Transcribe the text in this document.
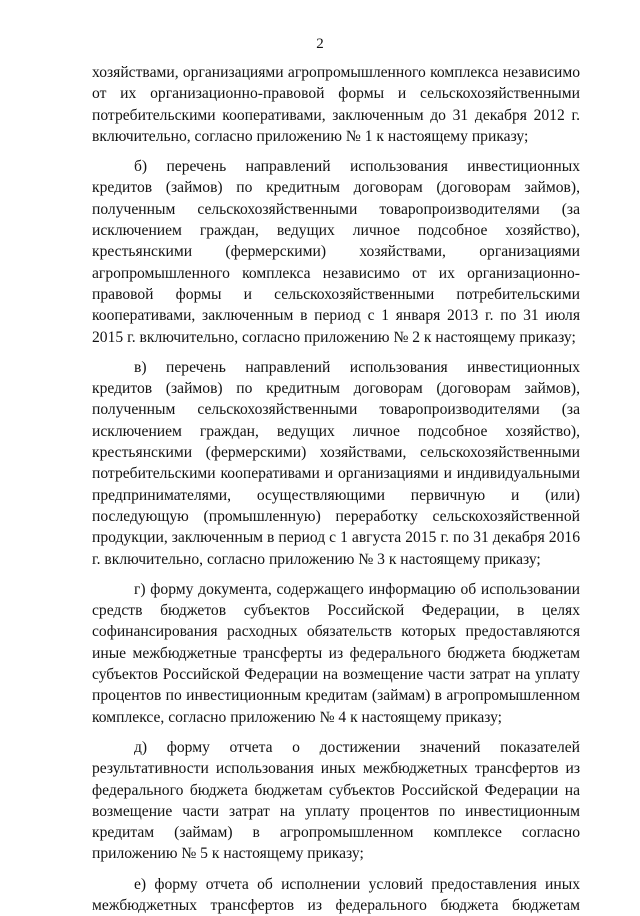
2

хозяйствами, организациями агропромышленного комплекса независимо от их организационно-правовой формы и сельскохозяйственными потребительскими кооперативами, заключенным до 31 декабря 2012 г. включительно, согласно приложению № 1 к настоящему приказу;

б) перечень направлений использования инвестиционных кредитов (займов) по кредитным договорам (договорам займов), полученным сельскохозяйственными товаропроизводителями (за исключением граждан, ведущих личное подсобное хозяйство), крестьянскими (фермерскими) хозяйствами, организациями агропромышленного комплекса независимо от их организационно-правовой формы и сельскохозяйственными потребительскими кооперативами, заключенным в период с 1 января 2013 г. по 31 июля 2015 г. включительно, согласно приложению № 2 к настоящему приказу;

в) перечень направлений использования инвестиционных кредитов (займов) по кредитным договорам (договорам займов), полученным сельскохозяйственными товаропроизводителями (за исключением граждан, ведущих личное подсобное хозяйство), крестьянскими (фермерскими) хозяйствами, сельскохозяйственными потребительскими кооперативами и организациями и индивидуальными предпринимателями, осуществляющими первичную и (или) последующую (промышленную) переработку сельскохозяйственной продукции, заключенным в период с 1 августа 2015 г. по 31 декабря 2016 г. включительно, согласно приложению № 3 к настоящему приказу;

г) форму документа, содержащего информацию об использовании средств бюджетов субъектов Российской Федерации, в целях софинансирования расходных обязательств которых предоставляются иные межбюджетные трансферты из федерального бюджета бюджетам субъектов Российской Федерации на возмещение части затрат на уплату процентов по инвестиционным кредитам (займам) в агропромышленном комплексе, согласно приложению № 4 к настоящему приказу;

д) форму отчета о достижении значений показателей результативности использования иных межбюджетных трансфертов из федерального бюджета бюджетам субъектов Российской Федерации на возмещение части затрат на уплату процентов по инвестиционным кредитам (займам) в агропромышленном комплексе согласно приложению № 5 к настоящему приказу;

е) форму отчета об исполнении условий предоставления иных межбюджетных трансфертов из федерального бюджета бюджетам
